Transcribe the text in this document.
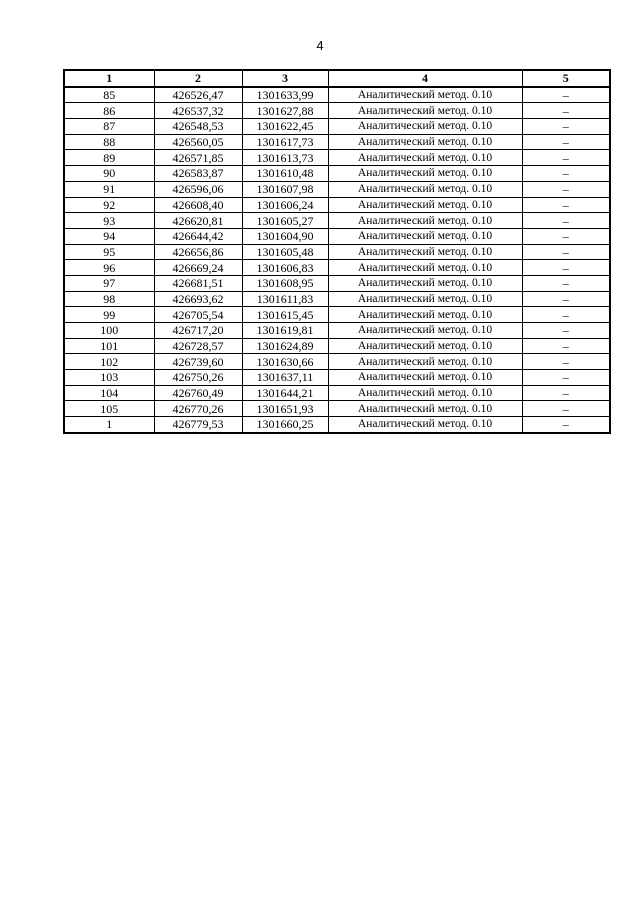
4
1	2	3	4	5
85	426526,47	1301633,99	Аналитический метод. 0.10	–
86	426537,32	1301627,88	Аналитический метод. 0.10	–
87	426548,53	1301622,45	Аналитический метод. 0.10	–
88	426560,05	1301617,73	Аналитический метод. 0.10	–
89	426571,85	1301613,73	Аналитический метод. 0.10	–
90	426583,87	1301610,48	Аналитический метод. 0.10	–
91	426596,06	1301607,98	Аналитический метод. 0.10	–
92	426608,40	1301606,24	Аналитический метод. 0.10	–
93	426620,81	1301605,27	Аналитический метод. 0.10	–
94	426644,42	1301604,90	Аналитический метод. 0.10	–
95	426656,86	1301605,48	Аналитический метод. 0.10	–
96	426669,24	1301606,83	Аналитический метод. 0.10	–
97	426681,51	1301608,95	Аналитический метод. 0.10	–
98	426693,62	1301611,83	Аналитический метод. 0.10	–
99	426705,54	1301615,45	Аналитический метод. 0.10	–
100	426717,20	1301619,81	Аналитический метод. 0.10	–
101	426728,57	1301624,89	Аналитический метод. 0.10	–
102	426739,60	1301630,66	Аналитический метод. 0.10	–
103	426750,26	1301637,11	Аналитический метод. 0.10	–
104	426760,49	1301644,21	Аналитический метод. 0.10	–
105	426770,26	1301651,93	Аналитический метод. 0.10	–
1	426779,53	1301660,25	Аналитический метод. 0.10	–
